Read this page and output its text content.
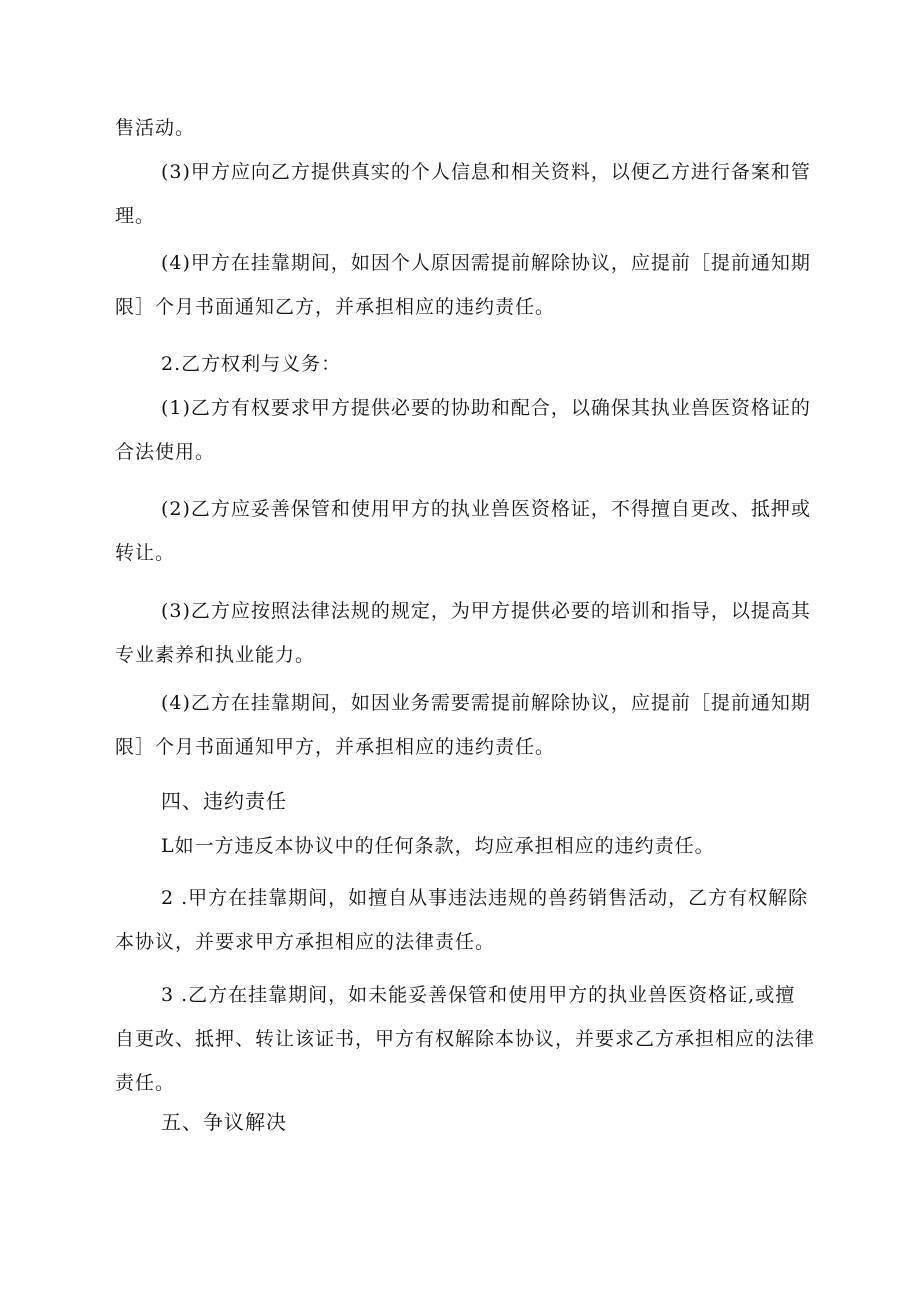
售活动。

(3)甲方应向乙方提供真实的个人信息和相关资料，以便乙方进行备案和管理。

(4)甲方在挂靠期间，如因个人原因需提前解除协议，应提前［提前通知期限］个月书面通知乙方，并承担相应的违约责任。

2.乙方权利与义务：

(1)乙方有权要求甲方提供必要的协助和配合，以确保其执业兽医资格证的合法使用。

(2)乙方应妥善保管和使用甲方的执业兽医资格证，不得擅自更改、抵押或转让。

(3)乙方应按照法律法规的规定，为甲方提供必要的培训和指导，以提高其专业素养和执业能力。

(4)乙方在挂靠期间，如因业务需要需提前解除协议，应提前［提前通知期限］个月书面通知甲方，并承担相应的违约责任。

四、违约责任

L如一方违反本协议中的任何条款，均应承担相应的违约责任。

2 .甲方在挂靠期间，如擅自从事违法违规的兽药销售活动，乙方有权解除本协议，并要求甲方承担相应的法律责任。

3 .乙方在挂靠期间，如未能妥善保管和使用甲方的执业兽医资格证,或擅自更改、抵押、转让该证书，甲方有权解除本协议，并要求乙方承担相应的法律责任。

五、争议解决
